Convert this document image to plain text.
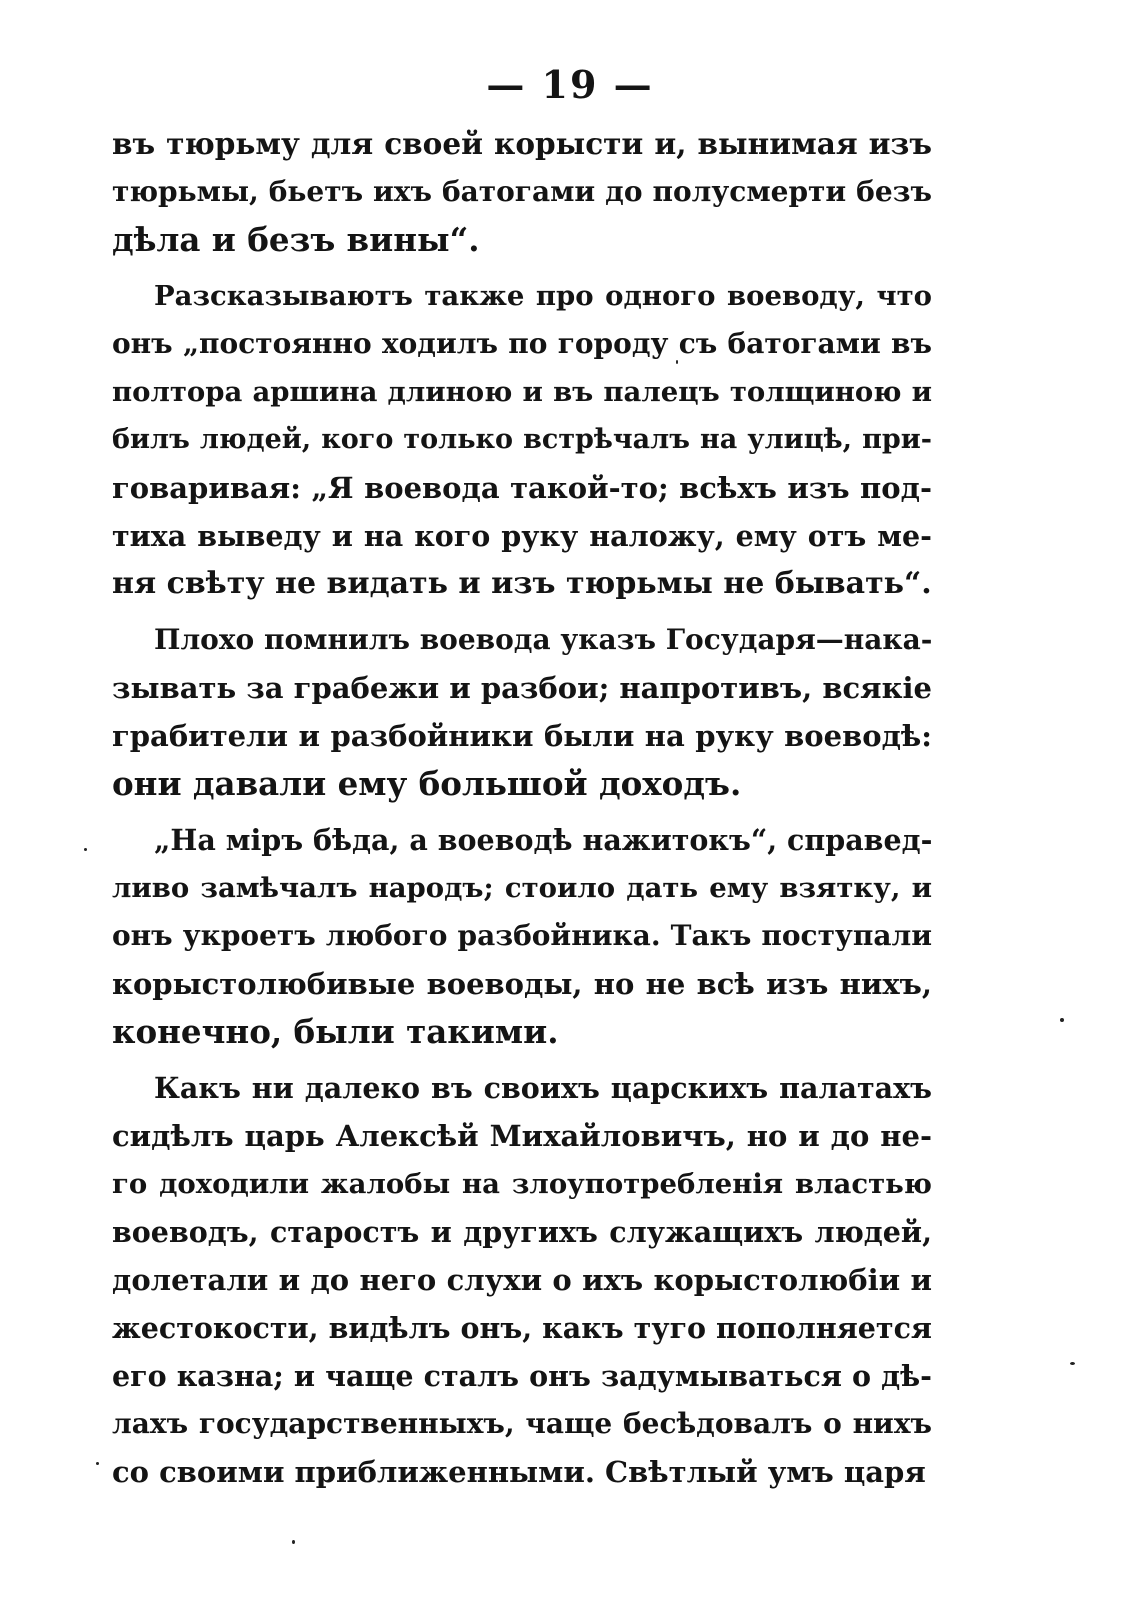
— 19 —
въ тюрьму для своей корысти и, вынимая изъ
тюрьмы, бьетъ ихъ батогами до полусмерти безъ
дѣла и безъ вины“.
Разсказываютъ также про одного воеводу, что
онъ „постоянно ходилъ по городу съ батогами въ
полтора аршина длиною и въ палецъ толщиною и
билъ людей, кого только встрѣчалъ на улицѣ, при-
говаривая: „Я воевода такой-то; всѣхъ изъ под-
тиха выведу и на кого руку наложу, ему отъ ме-
ня свѣту не видать и изъ тюрьмы не бывать“.
Плохо помнилъ воевода указъ Государя—нака-
зывать за грабежи и разбои; напротивъ, всякіе
грабители и разбойники были на руку воеводѣ:
они давали ему большой доходъ.
„На міръ бѣда, а воеводѣ нажитокъ“, справед-
ливо замѣчалъ народъ; стоило дать ему взятку, и
онъ укроетъ любого разбойника. Такъ поступали
корыстолюбивые воеводы, но не всѣ изъ нихъ,
конечно, были такими.
Какъ ни далеко въ своихъ царскихъ палатахъ
сидѣлъ царь Алексѣй Михайловичъ, но и до не-
го доходили жалобы на злоупотребленія властью
воеводъ, старостъ и другихъ служащихъ людей,
долетали и до него слухи о ихъ корыстолюбіи и
жестокости, видѣлъ онъ, какъ туго пополняется
его казна; и чаще сталъ онъ задумываться о дѣ-
лахъ государственныхъ, чаще бесѣдовалъ о нихъ
со своими приближенными. Свѣтлый умъ царя
